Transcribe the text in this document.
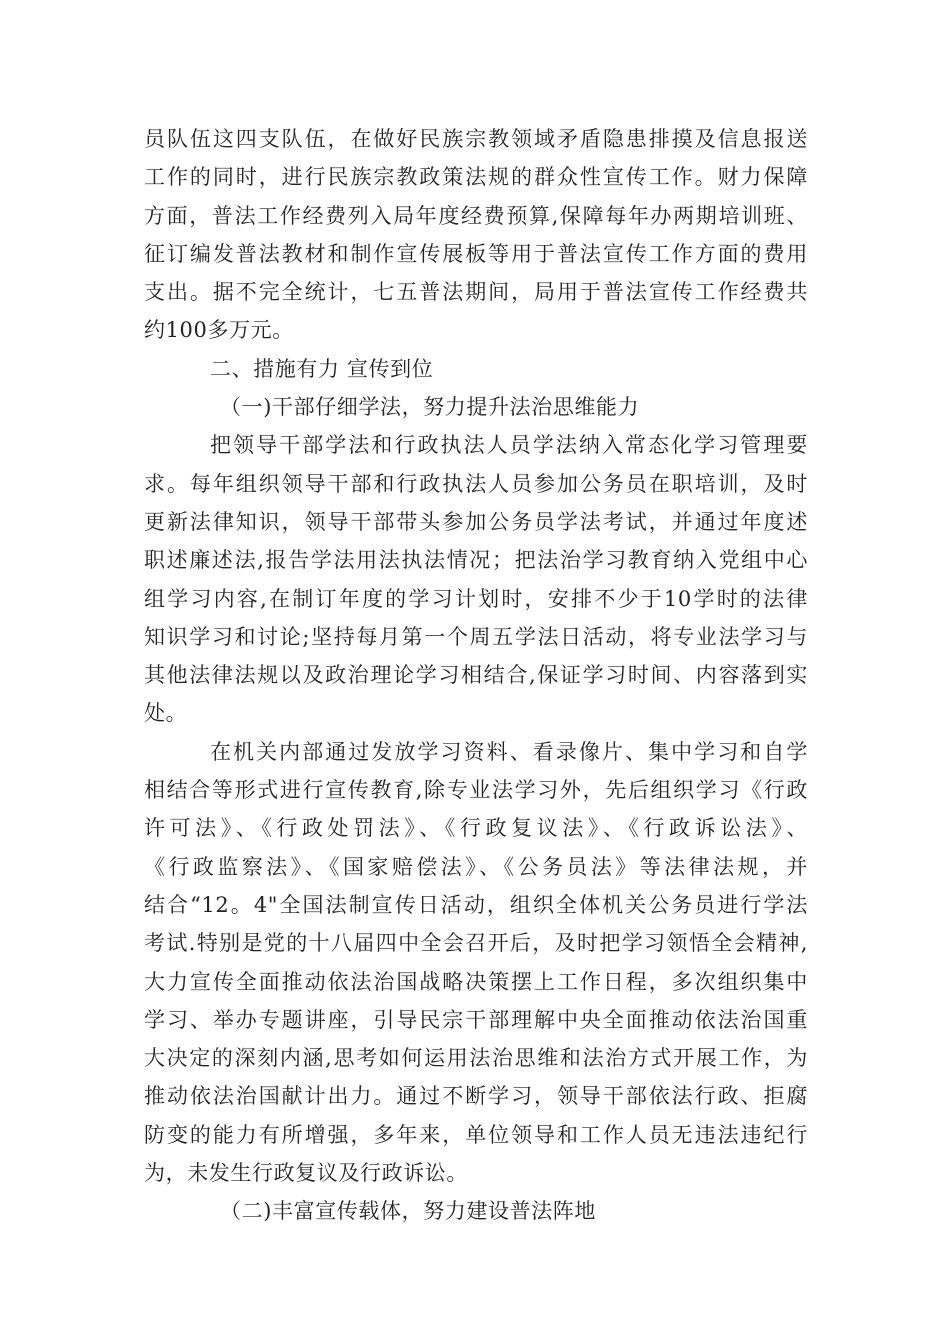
员队伍这四支队伍，在做好民族宗教领域矛盾隐患排摸及信息报送
工作的同时，进行民族宗教政策法规的群众性宣传工作。财力保障
方面，普法工作经费列入局年度经费预算,保障每年办两期培训班、
征订编发普法教材和制作宣传展板等用于普法宣传工作方面的费用
支出。据不完全统计，七五普法期间，局用于普法宣传工作经费共
约100多万元。
二、措施有力 宣传到位
（一)干部仔细学法，努力提升法治思维能力
把领导干部学法和行政执法人员学法纳入常态化学习管理要
求。每年组织领导干部和行政执法人员参加公务员在职培训，及时
更新法律知识，领导干部带头参加公务员学法考试，并通过年度述
职述廉述法,报告学法用法执法情况；把法治学习教育纳入党组中心
组学习内容,在制订年度的学习计划时，安排不少于10学时的法律
知识学习和讨论;坚持每月第一个周五学法日活动，将专业法学习与
其他法律法规以及政治理论学习相结合,保证学习时间、内容落到实
处。
在机关内部通过发放学习资料、看录像片、集中学习和自学
相结合等形式进行宣传教育,除专业法学习外，先后组织学习《行政
许可法》、《行政处罚法》、《行政复议法》、《行政诉讼法》、
《行政监察法》、《国家赔偿法》、《公务员法》等法律法规，并
结合“12。4"全国法制宣传日活动，组织全体机关公务员进行学法
考试.特别是党的十八届四中全会召开后，及时把学习领悟全会精神,
大力宣传全面推动依法治国战略决策摆上工作日程，多次组织集中
学习、举办专题讲座，引导民宗干部理解中央全面推动依法治国重
大决定的深刻内涵,思考如何运用法治思维和法治方式开展工作，为
推动依法治国献计出力。通过不断学习，领导干部依法行政、拒腐
防变的能力有所增强，多年来，单位领导和工作人员无违法违纪行
为，未发生行政复议及行政诉讼。
（二)丰富宣传载体，努力建设普法阵地
